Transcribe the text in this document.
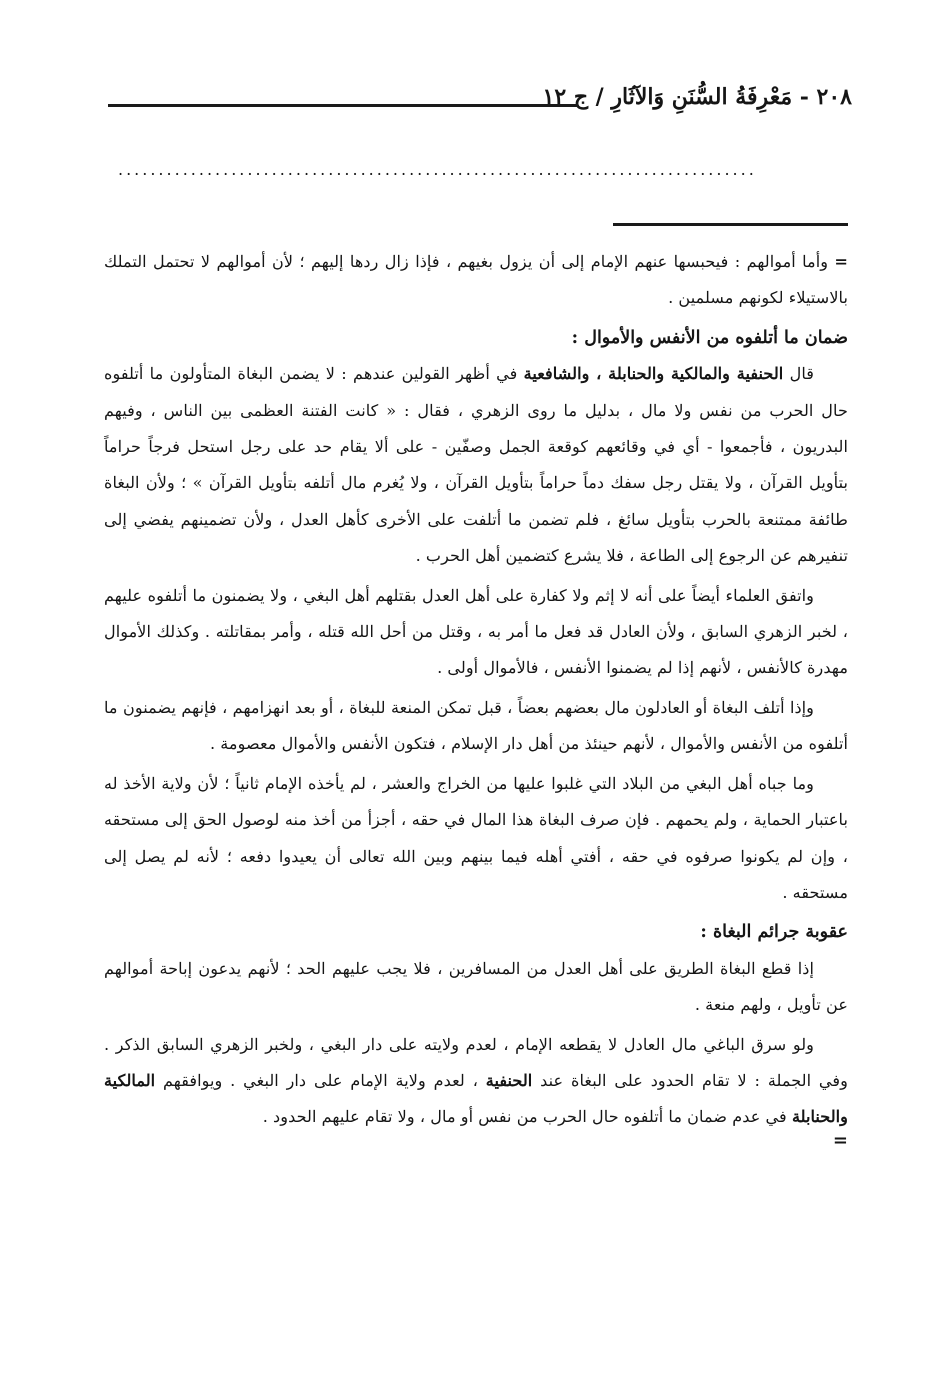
٢٠٨ - مَعْرِفَةُ السُّنَنِ وَالآثَارِ / ج ١٢
...............................................................................

= وأما أموالهم : فيحبسها عنهم الإمام إلى أن يزول بغيهم ، فإذا زال ردها إليهم ؛ لأن أموالهم لا تحتمل التملك بالاستيلاء لكونهم مسلمين .

ضمان ما أتلفوه من الأنفس والأموال :

قال الحنفية والمالكية والحنابلة ، والشافعية في أظهر القولين عندهم : لا يضمن البغاة المتأولون ما أتلفوه حال الحرب من نفس ولا مال ، بدليل ما روى الزهري ، فقال : « كانت الفتنة العظمى بين الناس ، وفيهم البدريون ، فأجمعوا - أي في وقائعهم كوقعة الجمل وصفّين - على ألا يقام حد على رجل استحل فرجاً حراماً بتأويل القرآن ، ولا يقتل رجل سفك دماً حراماً بتأويل القرآن ، ولا يُغرم مال أتلفه بتأويل القرآن » ؛ ولأن البغاة طائفة ممتنعة بالحرب بتأويل سائغ ، فلم تضمن ما أتلفت على الأخرى كأهل العدل ، ولأن تضمينهم يفضي إلى تنفيرهم عن الرجوع إلى الطاعة ، فلا يشرع كتضمين أهل الحرب .

واتفق العلماء أيضاً على أنه لا إثم ولا كفارة على أهل العدل بقتلهم أهل البغي ، ولا يضمنون ما أتلفوه عليهم ، لخبر الزهري السابق ، ولأن العادل قد فعل ما أمر به ، وقتل من أحل الله قتله ، وأمر بمقاتلته . وكذلك الأموال مهدرة كالأنفس ، لأنهم إذا لم يضمنوا الأنفس ، فالأموال أولى .

وإذا أتلف البغاة أو العادلون مال بعضهم بعضاً ، قبل تمكن المنعة للبغاة ، أو بعد انهزامهم ، فإنهم يضمنون ما أتلفوه من الأنفس والأموال ، لأنهم حينئذ من أهل دار الإسلام ، فتكون الأنفس والأموال معصومة .

وما جباه أهل البغي من البلاد التي غلبوا عليها من الخراج والعشر ، لم يأخذه الإمام ثانياً ؛ لأن ولاية الأخذ له باعتبار الحماية ، ولم يحمهم . فإن صرف البغاة هذا المال في حقه ، أجزأ من أخذ منه لوصول الحق إلى مستحقه ، وإن لم يكونوا صرفوه في حقه ، أفتي أهله فيما بينهم وبين الله تعالى أن يعيدوا دفعه ؛ لأنه لم يصل إلى مستحقه .

عقوبة جرائم البغاة :

إذا قطع البغاة الطريق على أهل العدل من المسافرين ، فلا يجب عليهم الحد ؛ لأنهم يدعون إباحة أموالهم عن تأويل ، ولهم منعة .

ولو سرق الباغي مال العادل لا يقطعه الإمام ، لعدم ولايته على دار البغي ، ولخبر الزهري السابق الذكر . وفي الجملة : لا تقام الحدود على البغاة عند الحنفية ، لعدم ولاية الإمام على دار البغي . ويوافقهم المالكية والحنابلة في عدم ضمان ما أتلفوه حال الحرب من نفس أو مال ، ولا تقام عليهم الحدود .

=
